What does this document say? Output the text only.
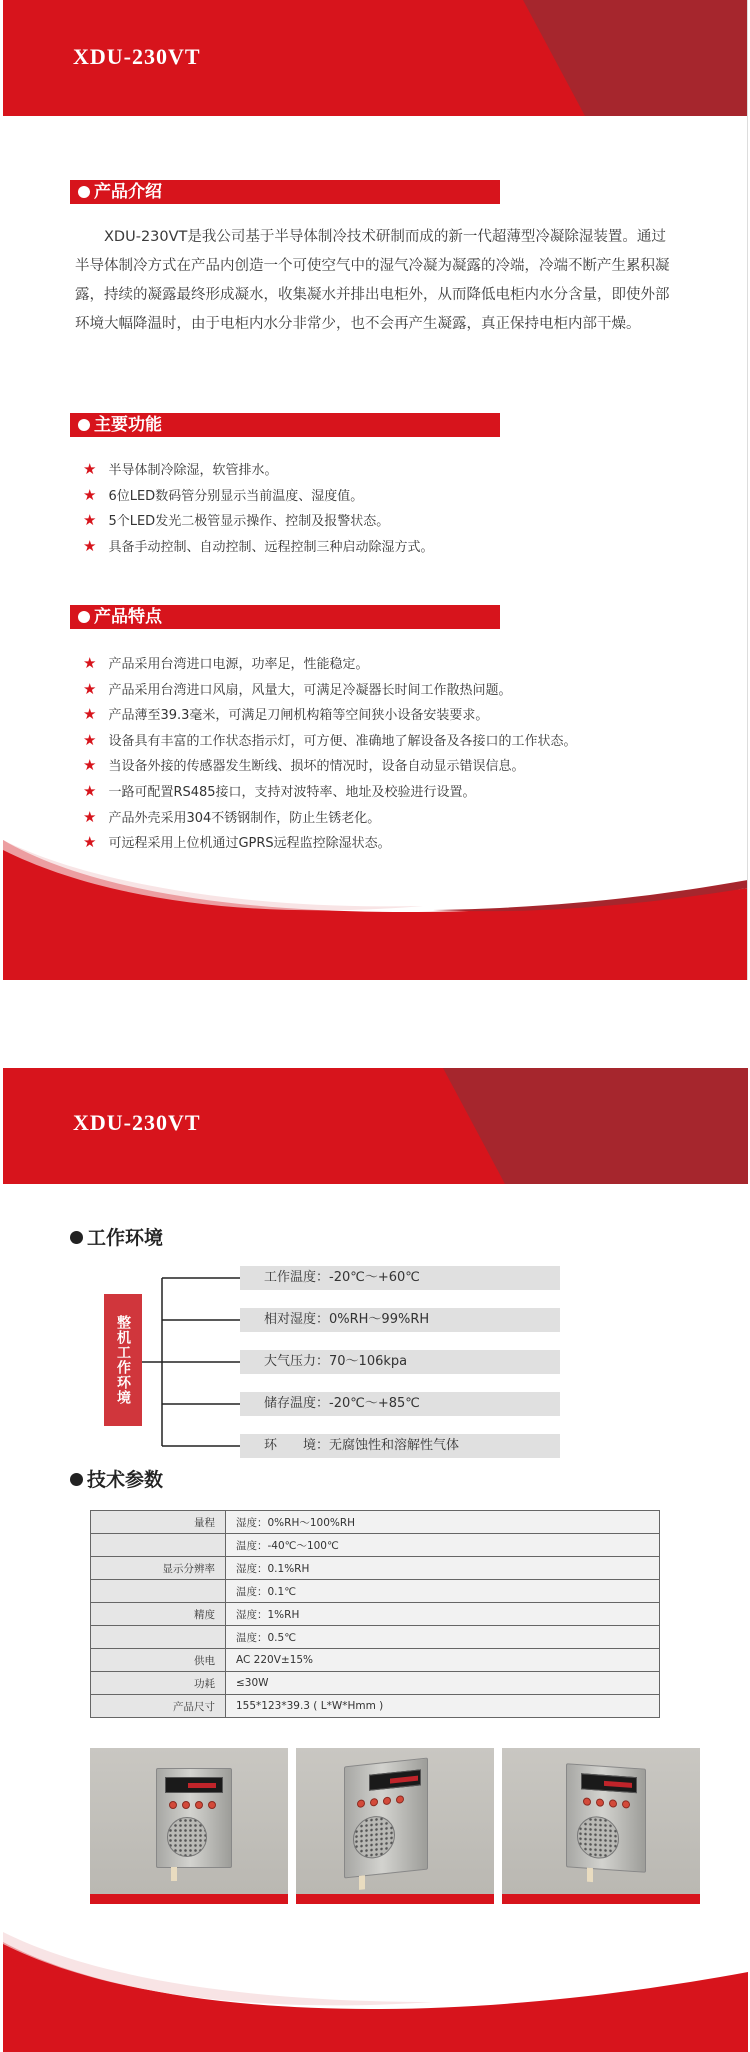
XDU-230VT
产品介绍

XDU-230VT是我公司基于半导体制冷技术研制而成的新一代超薄型冷凝除湿装置。通过半导体制冷方式在产品内创造一个可使空气中的湿气冷凝为凝露的冷端，冷端不断产生累积凝露，持续的凝露最终形成凝水，收集凝水并排出电柜外，从而降低电柜内水分含量，即使外部环境大幅降温时，由于电柜内水分非常少，也不会再产生凝露，真正保持电柜内部干燥。

主要功能
★ 半导体制冷除湿，软管排水。
★ 6位LED数码管分别显示当前温度、湿度值。
★ 5个LED发光二极管显示操作、控制及报警状态。
★ 具备手动控制、自动控制、远程控制三种启动除湿方式。
产品特点
★ 产品采用台湾进口电源，功率足，性能稳定。
★ 产品采用台湾进口风扇，风量大，可满足冷凝器长时间工作散热问题。
★ 产品薄至39.3毫米，可满足刀闸机构箱等空间狭小设备安装要求。
★ 设备具有丰富的工作状态指示灯，可方便、准确地了解设备及各接口的工作状态。
★ 当设备外接的传感器发生断线、损坏的情况时，设备自动显示错误信息。
★ 一路可配置RS485接口，支持对波特率、地址及校验进行设置。
★ 产品外壳采用304不锈钢制作，防止生锈老化。
★ 可远程采用上位机通过GPRS远程监控除湿状态。
XDU-230VT
工作环境
整机工作环境
工作温度：-20℃～+60℃
相对湿度：0%RH～99%RH
大气压力：70～106kpa
储存温度：-20℃～+85℃
环　　境：无腐蚀性和溶解性气体
技术参数
量程	湿度：0%RH～100%RH
	温度：-40℃～100℃
显示分辨率	湿度：0.1%RH
	温度：0.1℃
精度	湿度：1%RH
	温度：0.5℃
供电	AC 220V±15%
功耗	≤30W
产品尺寸	155*123*39.3 ( L*W*Hmm )
